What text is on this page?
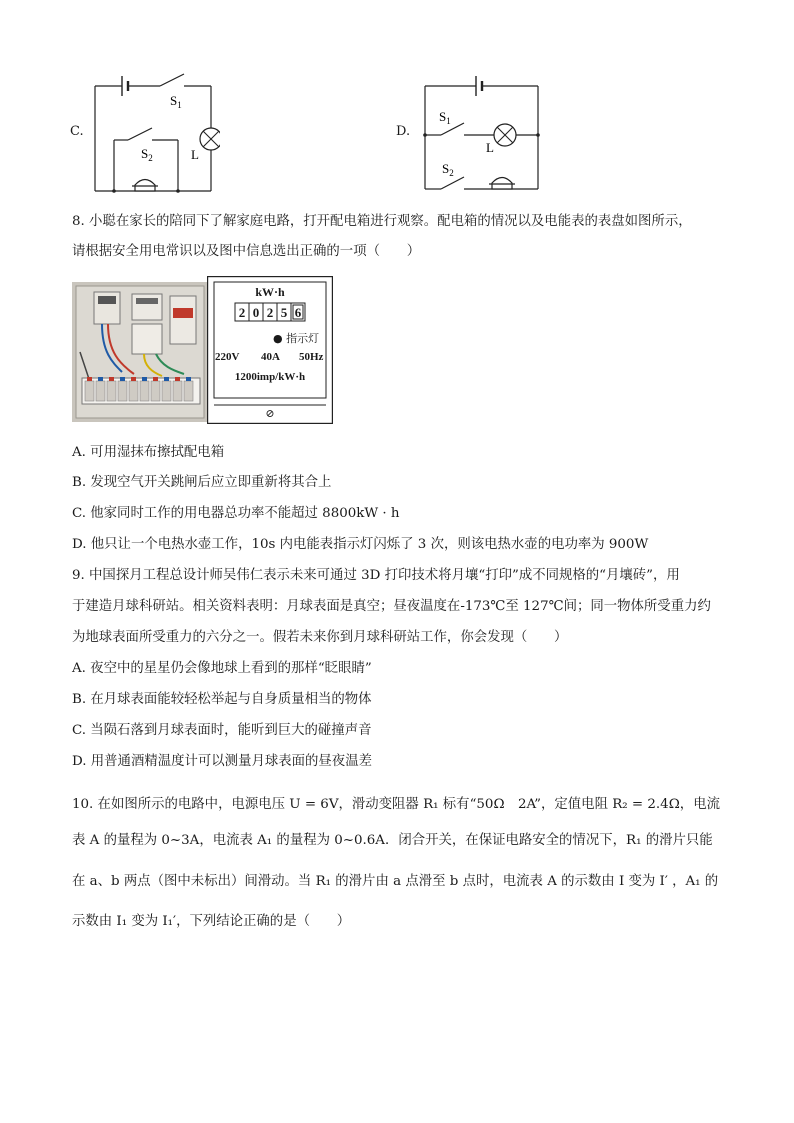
C.
$S_1$
$S_2$	L
D.
$S_1$
L
$S_2$
8. 小聪在家长的陪同下了解家庭电路，打开配电箱进行观察。配电箱的情况以及电能表的表盘如图所示，
请根据安全用电常识以及图中信息选出正确的一项（　　）
kW·h
2 0 2 5 6
● 指示灯
220V 40A 50Hz
1200imp/kW·h
⊘
A. 可用湿抹布擦拭配电箱
B. 发现空气开关跳闸后应立即重新将其合上
C. 他家同时工作的用电器总功率不能超过 8800kW · h
D. 他只让一个电热水壶工作，10s 内电能表指示灯闪烁了 3 次，则该电热水壶的电功率为 900W
9. 中国探月工程总设计师吴伟仁表示未来可通过 3D 打印技术将月壤“打印”成不同规格的“月壤砖”，用
于建造月球科研站。相关资料表明：月球表面是真空；昼夜温度在-173℃至 127℃间；同一物体所受重力约
为地球表面所受重力的六分之一。假若未来你到月球科研站工作，你会发现（　　）
A. 夜空中的星星仍会像地球上看到的那样“眨眼睛”
B. 在月球表面能较轻松举起与自身质量相当的物体
C. 当陨石落到月球表面时，能听到巨大的碰撞声音
D. 用普通酒精温度计可以测量月球表面的昼夜温差
10. 在如图所示的电路中，电源电压 U = 6V，滑动变阻器 R₁ 标有“50Ω　2A”，定值电阻 R₂ = 2.4Ω，电流
表 A 的量程为 0~3A，电流表 A₁ 的量程为 0~0.6A．闭合开关，在保证电路安全的情况下，R₁ 的滑片只能
在 a、b 两点（图中未标出）间滑动。当 R₁ 的滑片由 a 点滑至 b 点时，电流表 A 的示数由 I 变为 I′ ，A₁ 的
示数由 I₁ 变为 I₁′，下列结论正确的是（　　）
